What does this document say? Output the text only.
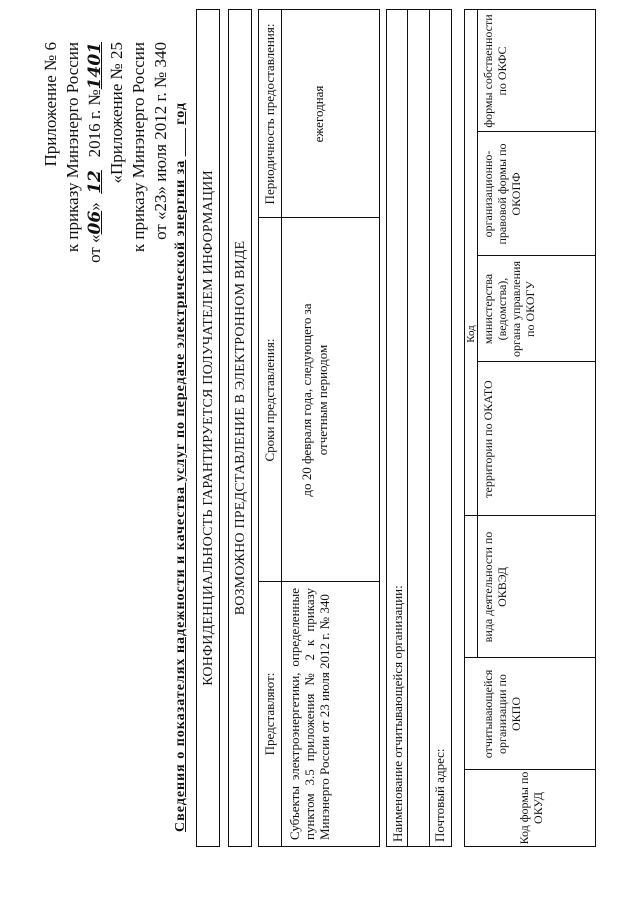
Приложение № 6 к приказу Минэнерго России от «06»  12   2016 г. №1401 «Приложение № 25 к приказу Минэнерго России от «23» июля 2012 г. № 340
Сведения о показателях надежности и качества услуг по передаче электрической энергии за ____ год
КОНФИДЕНЦИАЛЬНОСТЬ ГАРАНТИРУЕТСЯ ПОЛУЧАТЕЛЕМ ИНФОРМАЦИИ	ВОЗМОЖНО ПРЕДСТАВЛЕНИЕ В ЭЛЕКТРОННОМ ВИДЕ
Представляют:
Сроки представления:
Периодичность предоставления:
Субъекты электроэнергетики, определенные пунктом 3.5 приложения № 2 к приказу Минэнерго России от 23 июля 2012 г. № 340
до 20 февраля года, следующего за отчетным периодом
ежегодная
Наименование отчитывающейся организации: Почтовый адрес:	Код формы по ОКУД
Код
отчитывающейся организации по ОКПО
вида деятельности по ОКВЭД
территории по ОКАТО
министерства (ведомства), органа управления по ОКОГУ
организационно-правовой формы по ОКОПФ
формы собственности по ОКФС
